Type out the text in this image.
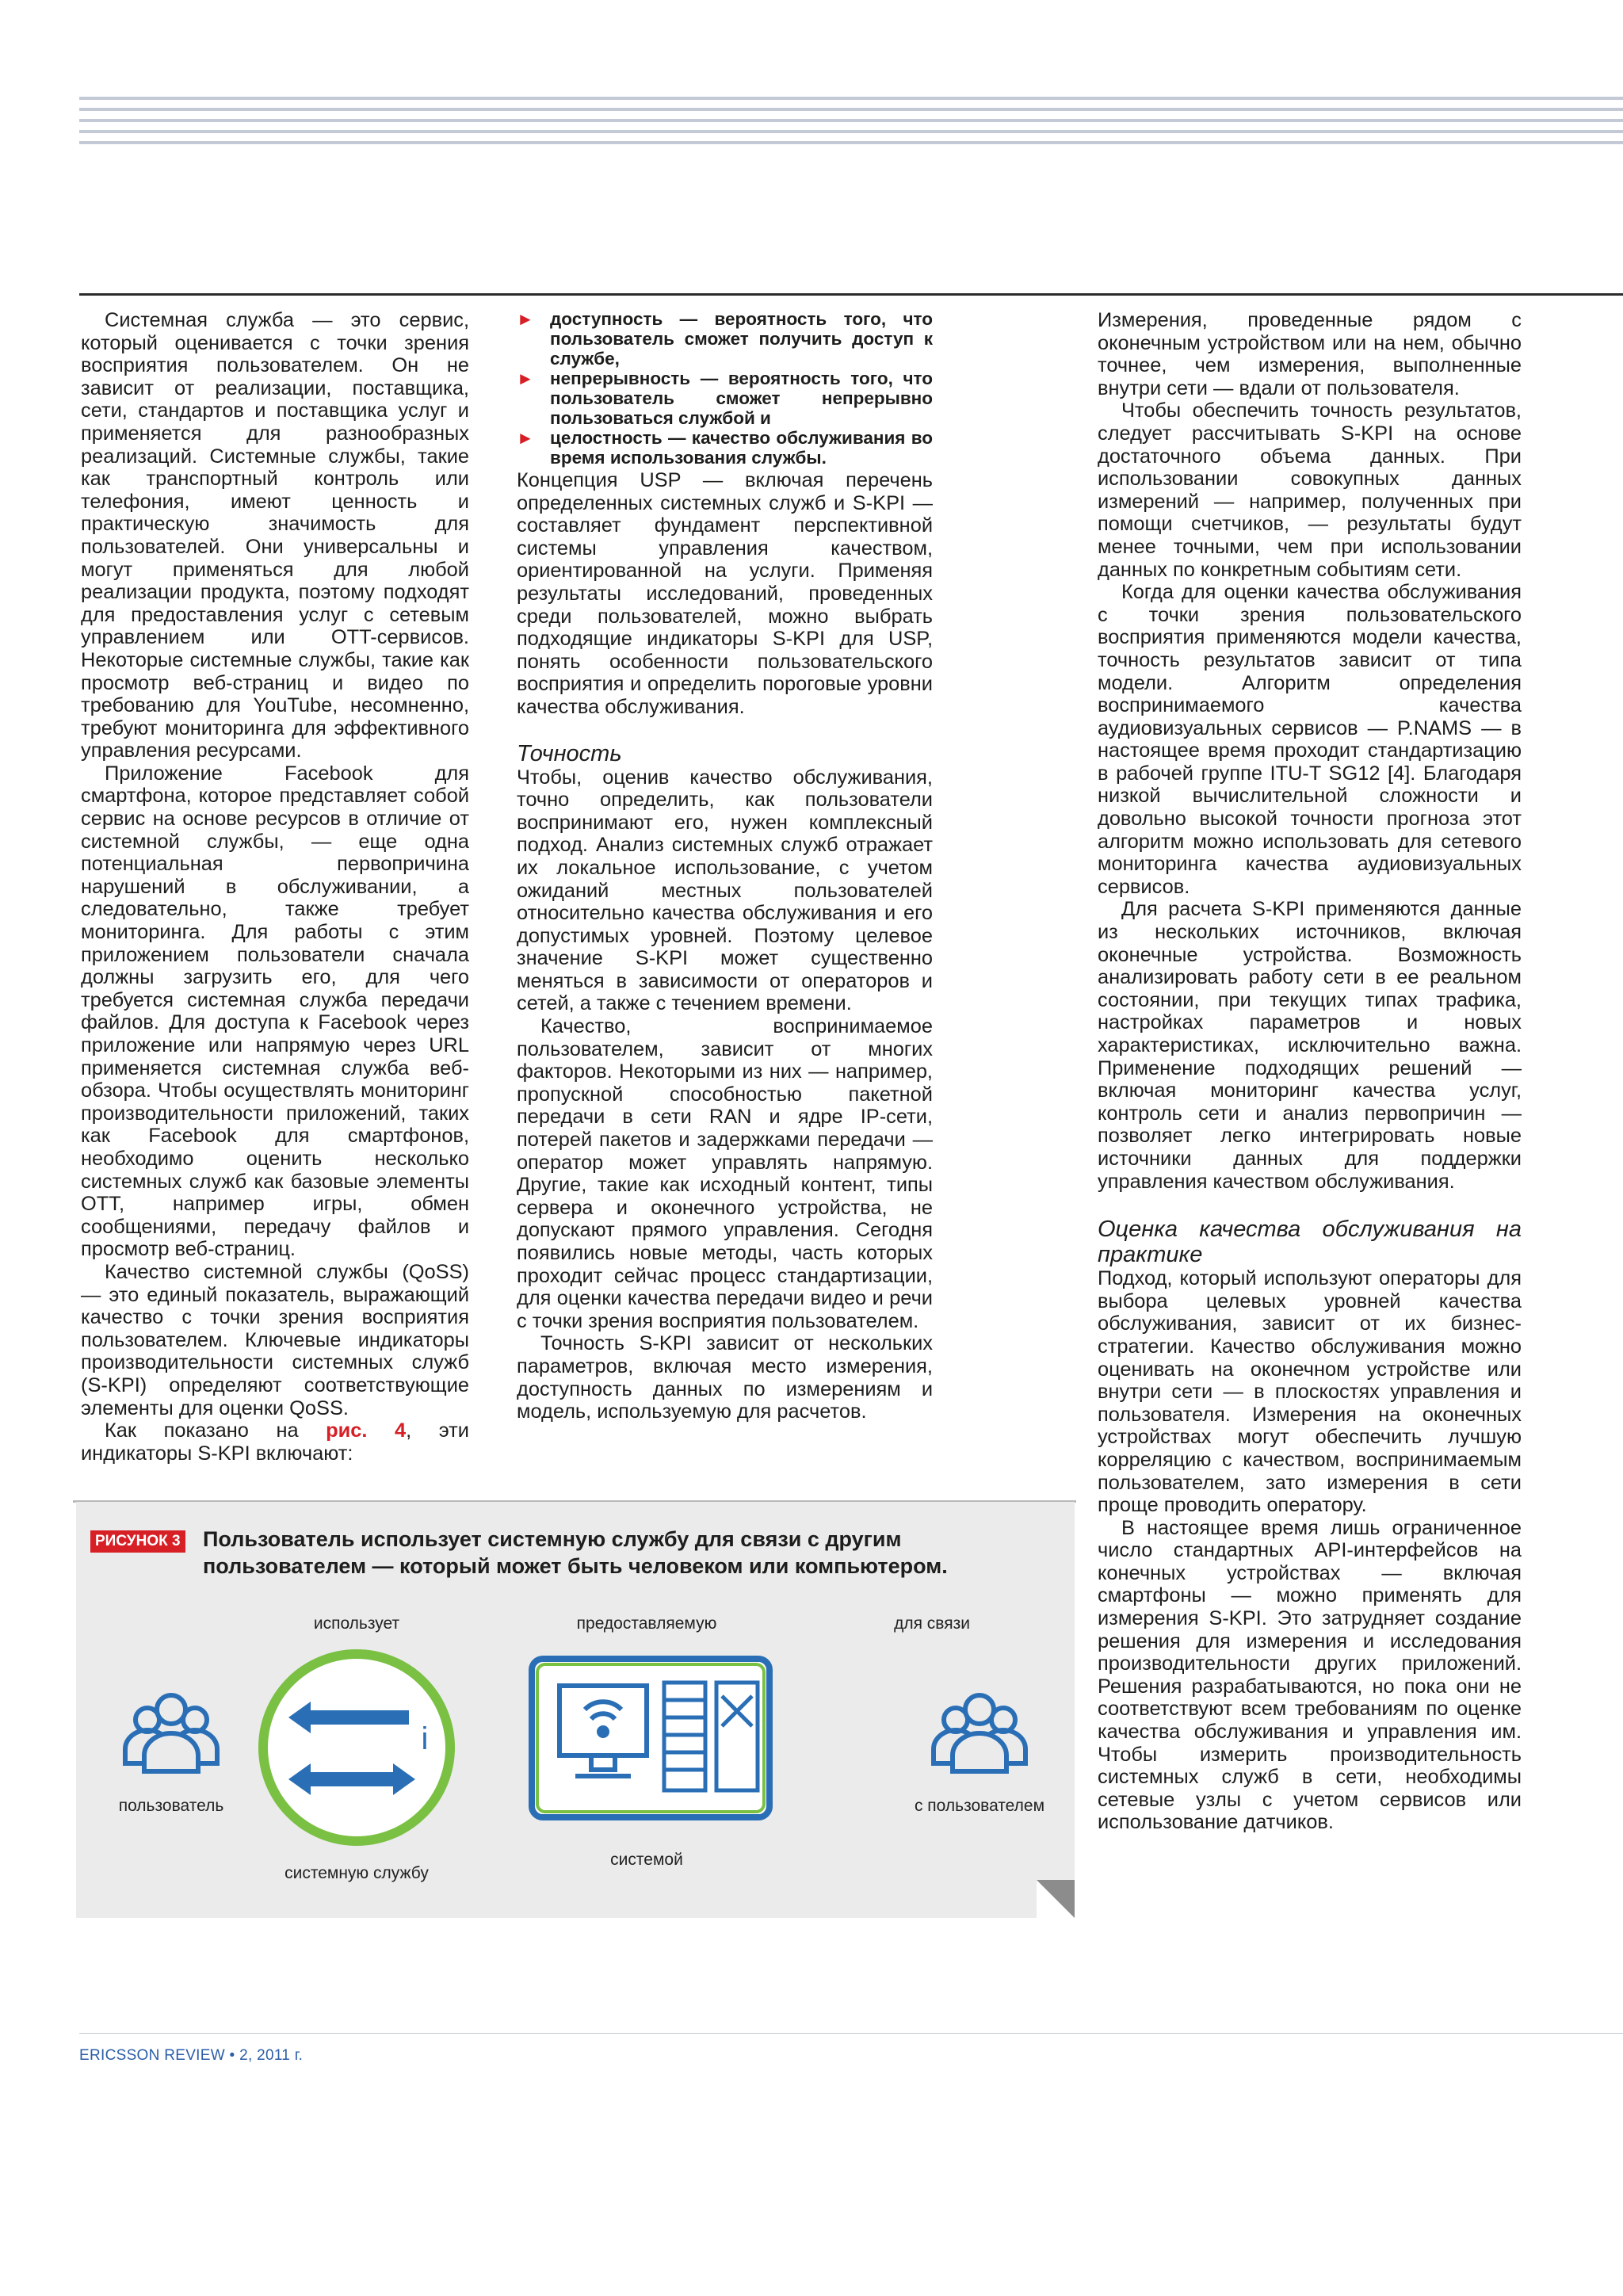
Системная служба — это сервис, который оценивается с точки зрения восприятия пользователем. Он не зависит от реализации, поставщика, сети, стандартов и поставщика услуг и применяется для разнообразных реализаций. Системные службы, такие как транспортный контроль или телефония, имеют ценность и практическую значимость для пользователей. Они универсальны и могут применяться для любой реализации продукта, поэтому подходят для предоставления услуг с сетевым управлением или OTT-сервисов. Некоторые системные службы, такие как просмотр веб-страниц и видео по требованию для YouTube, несомненно, требуют мониторинга для эффективного управления ресурсами.

Приложение Facebook для смартфона, которое представляет собой сервис на основе ресурсов в отличие от системной службы, — еще одна потенциальная первопричина нарушений в обслуживании, а следовательно, также требует мониторинга. Для работы с этим приложением пользователи сначала должны загрузить его, для чего требуется системная служба передачи файлов. Для доступа к Facebook через приложение или напрямую через URL применяется системная служба веб-обзора. Чтобы осуществлять мониторинг производительности приложений, таких как Facebook для смартфонов, необходимо оценить несколько системных служб как базовые элементы OTT, например игры, обмен сообщениями, передачу файлов и просмотр веб-страниц.

Качество системной службы (QoSS) — это единый показатель, выражающий качество с точки зрения восприятия пользователем. Ключевые индикаторы производительности системных служб (S-KPI) определяют соответствующие элементы для оценки QoSS.

Как показано на рис. 4, эти индикаторы S-KPI включают:

► доступность — вероятность того, что пользователь сможет получить доступ к службе,
► непрерывность — вероятность того, что пользователь сможет непрерывно пользоваться службой и
► целостность — качество обслуживания во время использования службы.

Концепция USP — включая перечень определенных системных служб и S-KPI — составляет фундамент перспективной системы управления качеством, ориентированной на услуги. Применяя результаты исследований, проведенных среди пользователей, можно выбрать подходящие индикаторы S-KPI для USP, понять особенности пользовательского восприятия и определить пороговые уровни качества обслуживания.

Точность

Чтобы, оценив качество обслуживания, точно определить, как пользователи воспринимают его, нужен комплексный подход. Анализ системных служб отражает их локальное использование, с учетом ожиданий местных пользователей относительно качества обслуживания и его допустимых уровней. Поэтому целевое значение S-KPI может существенно меняться в зависимости от операторов и сетей, а также с течением времени.

Качество, воспринимаемое пользователем, зависит от многих факторов. Некоторыми из них — например, пропускной способностью пакетной передачи в сети RAN и ядре IP-сети, потерей пакетов и задержками передачи — оператор может управлять напрямую. Другие, такие как исходный контент, типы сервера и оконечного устройства, не допускают прямого управления. Сегодня появились новые методы, часть которых проходит сейчас процесс стандартизации, для оценки качества передачи видео и речи с точки зрения восприятия пользователем.

Точность S-KPI зависит от нескольких параметров, включая место измерения, доступность данных по измерениям и модель, используемую для расчетов.

Измерения, проведенные рядом с оконечным устройством или на нем, обычно точнее, чем измерения, выполненные внутри сети — вдали от пользователя.

Чтобы обеспечить точность результатов, следует рассчитывать S-KPI на основе достаточного объема данных. При использовании совокупных данных измерений — например, полученных при помощи счетчиков, — результаты будут менее точными, чем при использовании данных по конкретным событиям сети.

Когда для оценки качества обслуживания с точки зрения пользовательского восприятия применяются модели качества, точность результатов зависит от типа модели. Алгоритм определения воспринимаемого качества аудиовизуальных сервисов — P.NAMS — в настоящее время проходит стандартизацию в рабочей группе ITU-T SG12 [4]. Благодаря низкой вычислительной сложности и довольно высокой точности прогноза этот алгоритм можно использовать для сетевого мониторинга качества аудиовизуальных сервисов.

Для расчета S-KPI применяются данные из нескольких источников, включая оконечные устройства. Возможность анализировать работу сети в ее реальном состоянии, при текущих типах трафика, настройках параметров и новых характеристиках, исключительно важна. Применение подходящих решений — включая мониторинг качества услуг, контроль сети и анализ первопричин — позволяет легко интегрировать новые источники данных для поддержки управления качеством обслуживания.

Оценка качества обслуживания на практике

Подход, который используют операторы для выбора целевых уровней качества обслуживания, зависит от их бизнес-стратегии. Качество обслуживания можно оценивать на оконечном устройстве или внутри сети — в плоскостях управления и пользователя. Измерения на оконечных устройствах могут обеспечить лучшую корреляцию с качеством, воспринимаемым пользователем, зато измерения в сети проще проводить оператору.

В настоящее время лишь ограниченное число стандартных API-интерфейсов на конечных устройствах — включая смартфоны — можно применять для измерения S-KPI. Это затрудняет создание решения для измерения и исследования производительности других приложений. Решения разрабатываются, но пока они не соответствуют всем требованиям по оценке качества обслуживания и управления им. Чтобы измерить производительность системных служб в сети, необходимы сетевые узлы с учетом сервисов или использование датчиков.

РИСУНОК 3 Пользователь использует системную службу для связи с другим пользователем — который может быть человеком или компьютером.
использует	предоставляемую	для связи
пользователь
i
системную службу
системой
с пользователем
ERICSSON REVIEW • 2, 2011 г.
